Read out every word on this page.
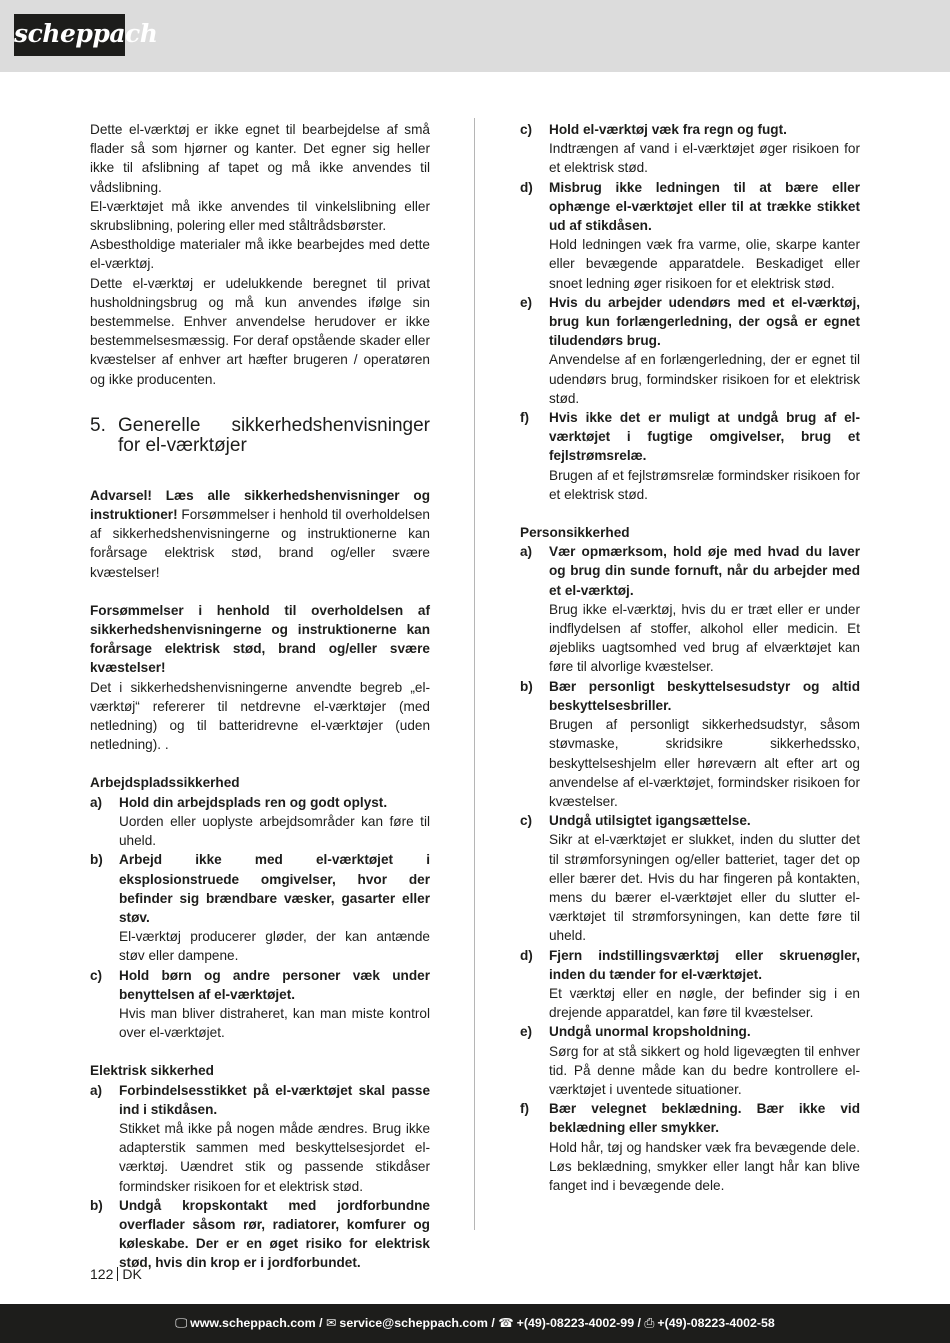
scheppach

Dette el-værktøj er ikke egnet til bearbejdelse af små flader så som hjørner og kanter. Det egner sig heller ikke til afslibning af tapet og må ikke anvendes til vådslibning.

El-værktøjet må ikke anvendes til vinkelslibning eller skrubslibning, polering eller med ståltrådsbørster.

Asbestholdige materialer må ikke bearbejdes med dette el-værktøj.

Dette el-værktøj er udelukkende beregnet til privat husholdningsbrug og må kun anvendes ifølge sin bestemmelse. Enhver anvendelse herudover er ikke bestemmelsesmæssig. For deraf opstående skader eller kvæstelser af enhver art hæfter brugeren / operatøren og ikke producenten.

5. Generelle sikkerhedshenvisninger for el-værktøjer

Advarsel! Læs alle sikkerhedshenvisninger og instruktioner! Forsømmelser i henhold til overholdelsen af sikkerhedshenvisningerne og instruktionerne kan forårsage elektrisk stød, brand og/eller svære kvæstelser!

Forsømmelser i henhold til overholdelsen af sikkerhedshenvisningerne og instruktionerne kan forårsage elektrisk stød, brand og/eller svære kvæstelser!

Det i sikkerhedshenvisningerne anvendte begreb „el-værktøj“ refererer til netdrevne el-værktøjer (med netledning) og til batteridrevne el-værktøjer (uden netledning). .

Arbejdspladssikkerhed

a)	Hold din arbejdsplads ren og godt oplyst.

Uorden eller uoplyste arbejdsområder kan føre til uheld.

b)	Arbejd ikke med el-værktøjet i eksplosionstruede omgivelser, hvor der befinder sig brændbare væsker, gasarter eller støv.

El-værktøj producerer gløder, der kan antænde støv eller dampene.

c)	Hold børn og andre personer væk under benyttelsen af el-værktøjet.

Hvis man bliver distraheret, kan man miste kontrol over el-værktøjet.

Elektrisk sikkerhed

a)	Forbindelsesstikket på el-værktøjet skal passe ind i stikdåsen.

Stikket må ikke på nogen måde ændres. Brug ikke adapterstik sammen med beskyttelsesjordet el-værktøj. Uændret stik og passende stikdåser formindsker risikoen for et elektrisk stød.

b)	Undgå kropskontakt med jordforbundne overflader såsom rør, radiatorer, komfurer og køleskabe. Der er en øget risiko for elektrisk stød, hvis din krop er i jordforbundet.

c)	Hold el-værktøj væk fra regn og fugt.

Indtrængen af vand i el-værktøjet øger risikoen for et elektrisk stød.

d)	Misbrug ikke ledningen til at bære eller ophænge el-værktøjet eller til at trække stikket ud af stikdåsen.

Hold ledningen væk fra varme, olie, skarpe kanter eller bevægende apparatdele. Beskadiget eller snoet ledning øger risikoen for et elektrisk stød.

e)	Hvis du arbejder udendørs med et el-værktøj, brug kun forlængerledning, der også er egnet tiludendørs brug.

Anvendelse af en forlængerledning, der er egnet til udendørs brug, formindsker risikoen for et elektrisk stød.

f)	Hvis ikke det er muligt at undgå brug af el-værktøjet i fugtige omgivelser, brug et fejlstrømsrelæ.

Brugen af et fejlstrømsrelæ formindsker risikoen for et elektrisk stød.

Personsikkerhed

a)	Vær opmærksom, hold øje med hvad du laver og brug din sunde fornuft, når du arbejder med et el-værktøj.

Brug ikke el-værktøj, hvis du er træt eller er under indflydelsen af stoffer, alkohol eller medicin. Et øjebliks uagtsomhed ved brug af elværktøjet kan føre til alvorlige kvæstelser.

b)	Bær personligt beskyttelsesudstyr og altid beskyttelsesbriller.

Brugen af personligt sikkerhedsudstyr, såsom støvmaske, skridsikre sikkerhedssko, beskyttelseshjelm eller høreværn alt efter art og anvendelse af el-værktøjet, formindsker risikoen for kvæstelser.

c)	Undgå utilsigtet igangsættelse.

Sikr at el-værktøjet er slukket, inden du slutter det til strømforsyningen og/eller batteriet, tager det op eller bærer det. Hvis du har fingeren på kontakten, mens du bærer el-værktøjet eller du slutter el-værktøjet til strømforsyningen, kan dette føre til uheld.

d)	Fjern indstillingsværktøj eller skruenøgler, inden du tænder for el-værktøjet.

Et værktøj eller en nøgle, der befinder sig i en drejende apparatdel, kan føre til kvæstelser.

e)	Undgå unormal kropsholdning.

Sørg for at stå sikkert og hold ligevægten til enhver tid. På denne måde kan du bedre kontrollere el-værktøjet i uventede situationer.

f)	Bær velegnet beklædning. Bær ikke vid beklædning eller smykker.

Hold hår, tøj og handsker væk fra bevægende dele. Løs beklædning, smykker eller langt hår kan blive fanget ind i bevægende dele.

122 DK
🖵 www.scheppach.com / ✉ service@scheppach.com / ☎ +(49)-08223-4002-99 / ⎙ +(49)-08223-4002-58
